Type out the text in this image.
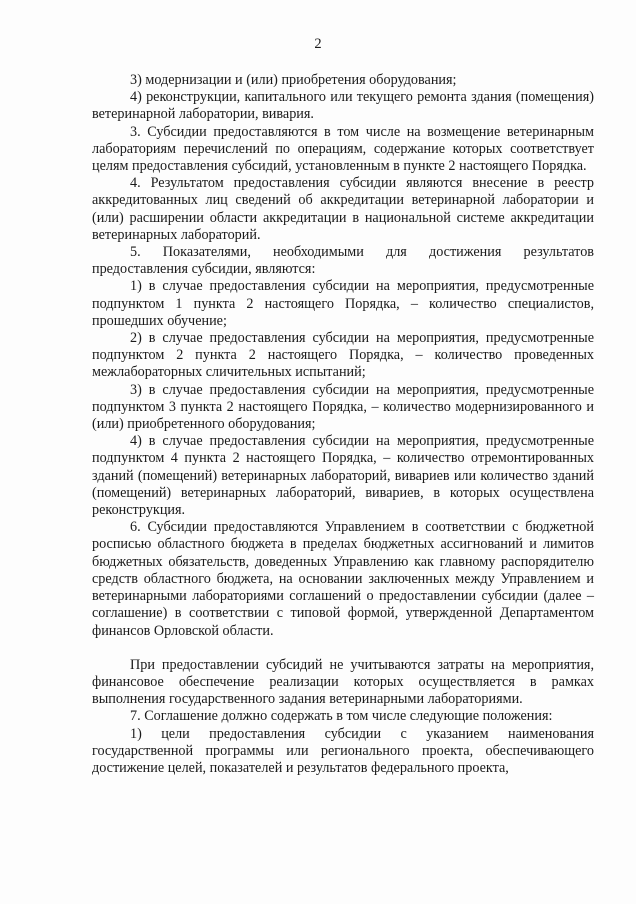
2

3) модернизации и (или) приобретения оборудования;

4) реконструкции, капитального или текущего ремонта здания (помещения) ветеринарной лаборатории, вивария.

3. Субсидии предоставляются в том числе на возмещение ветеринарным лабораториям перечислений по операциям, содержание которых соответствует целям предоставления субсидий, установленным в пункте 2 настоящего Порядка.

4. Результатом предоставления субсидии являются внесение в реестр аккредитованных лиц сведений об аккредитации ветеринарной лаборатории и (или) расширении области аккредитации в национальной системе аккредитации ветеринарных лабораторий.

5. Показателями, необходимыми для достижения результатов предоставления субсидии, являются:

1) в случае предоставления субсидии на мероприятия, предусмотренные подпунктом 1 пункта 2 настоящего Порядка, – количество специалистов, прошедших обучение;

2) в случае предоставления субсидии на мероприятия, предусмотренные подпунктом 2 пункта 2 настоящего Порядка, – количество проведенных межлабораторных сличительных испытаний;

3) в случае предоставления субсидии на мероприятия, предусмотренные подпунктом 3 пункта 2 настоящего Порядка, – количество модернизированного и (или) приобретенного оборудования;

4) в случае предоставления субсидии на мероприятия, предусмотренные подпунктом 4 пункта 2 настоящего Порядка, – количество отремонтированных зданий (помещений) ветеринарных лабораторий, вивариев или количество зданий (помещений) ветеринарных лабораторий, вивариев, в которых осуществлена реконструкция.

6. Субсидии предоставляются Управлением в соответствии с бюджетной росписью областного бюджета в пределах бюджетных ассигнований и лимитов бюджетных обязательств, доведенных Управлению как главному распорядителю средств областного бюджета, на основании заключенных между Управлением и ветеринарными лабораториями соглашений о предоставлении субсидии (далее – соглашение) в соответствии с типовой формой, утвержденной Департаментом финансов Орловской области.

При предоставлении субсидий не учитываются затраты на мероприятия, финансовое обеспечение реализации которых осуществляется в рамках выполнения государственного задания ветеринарными лабораториями.

7. Соглашение должно содержать в том числе следующие положения:

1) цели предоставления субсидии с указанием наименования государственной программы или регионального проекта, обеспечивающего достижение целей, показателей и результатов федерального проекта,
